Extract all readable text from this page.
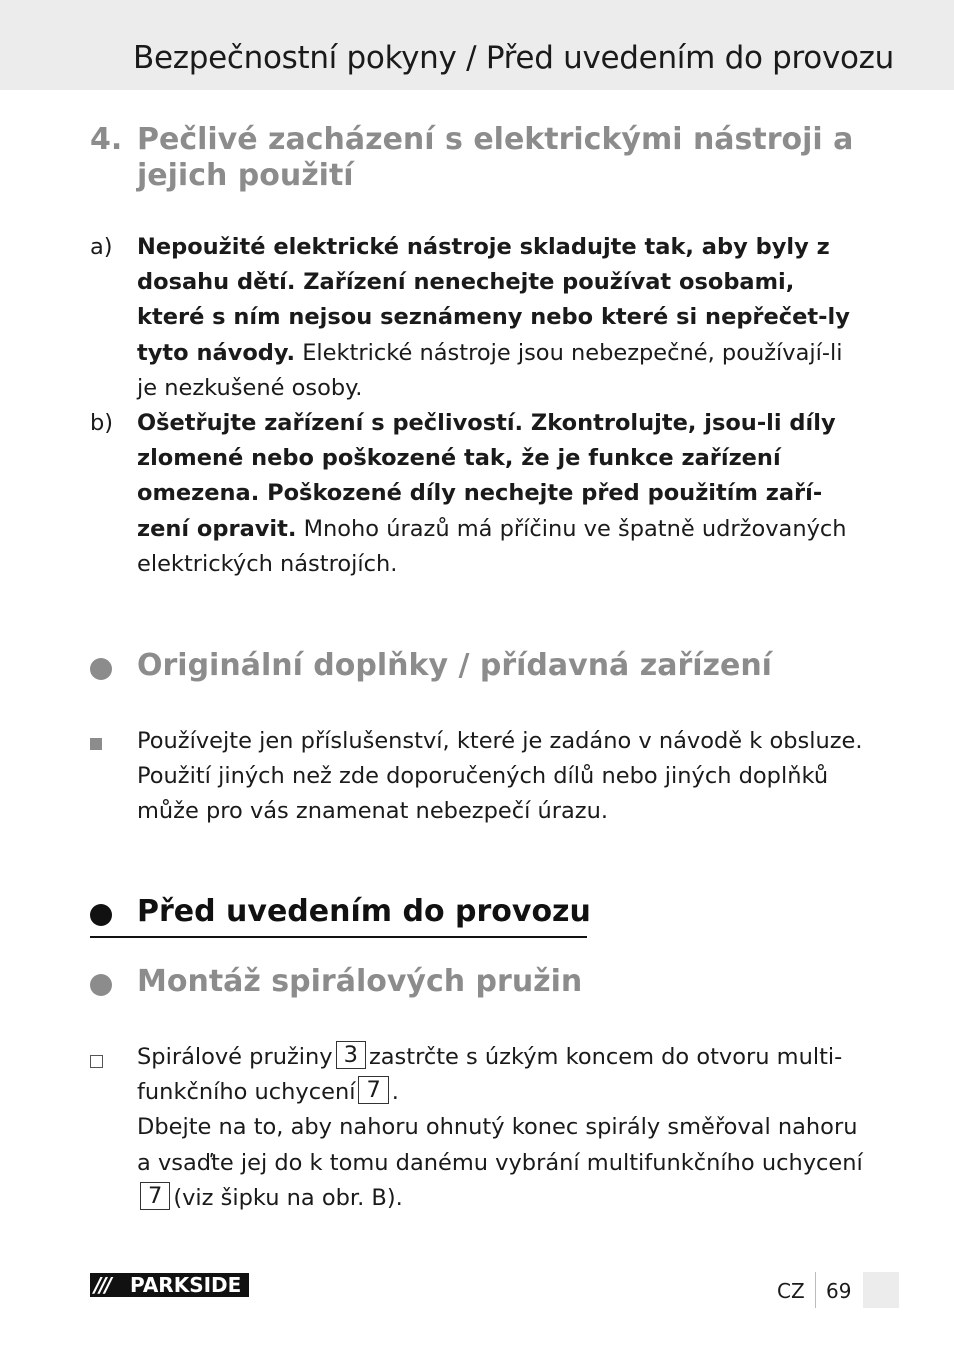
Bezpečnostní pokyny / Před uvedením do provozu
4. Pečlivé zacházení s elektrickými nástroji a jejich použití
a) Nepoužité elektrické nástroje skladujte tak, aby byly z dosahu dětí. Zařízení nenechejte používat osobami, které s ním nejsou seznámeny nebo které si nepřečet-ly tyto návody. Elektrické nástroje jsou nebezpečné, používají-li je nezkušené osoby.
b) Ošetřujte zařízení s pečlivostí. Zkontrolujte, jsou-li díly zlomené nebo poškozené tak, že je funkce zařízení omezena. Poškozené díly nechejte před použitím zaří-zení opravit. Mnoho úrazů má příčinu ve špatně udržovaných elektrických nástrojích.
Originální doplňky / přídavná zařízení
Používejte jen příslušenství, které je zadáno v návodě k obsluze. Použití jiných než zde doporučených dílů nebo jiných doplňků může pro vás znamenat nebezpečí úrazu.
Před uvedením do provozu
Montáž spirálových pružin
Spirálové pružiny 3 zastrčte s úzkým koncem do otvoru multi-funkčního uchycení 7 .
Dbejte na to, aby nahoru ohnutý konec spirály směřoval nahoru a vsaďte jej do k tomu danému vybrání multifunkčního uchycení7 (viz šipku na obr. B).
///	PARKSIDE	CZ 69
